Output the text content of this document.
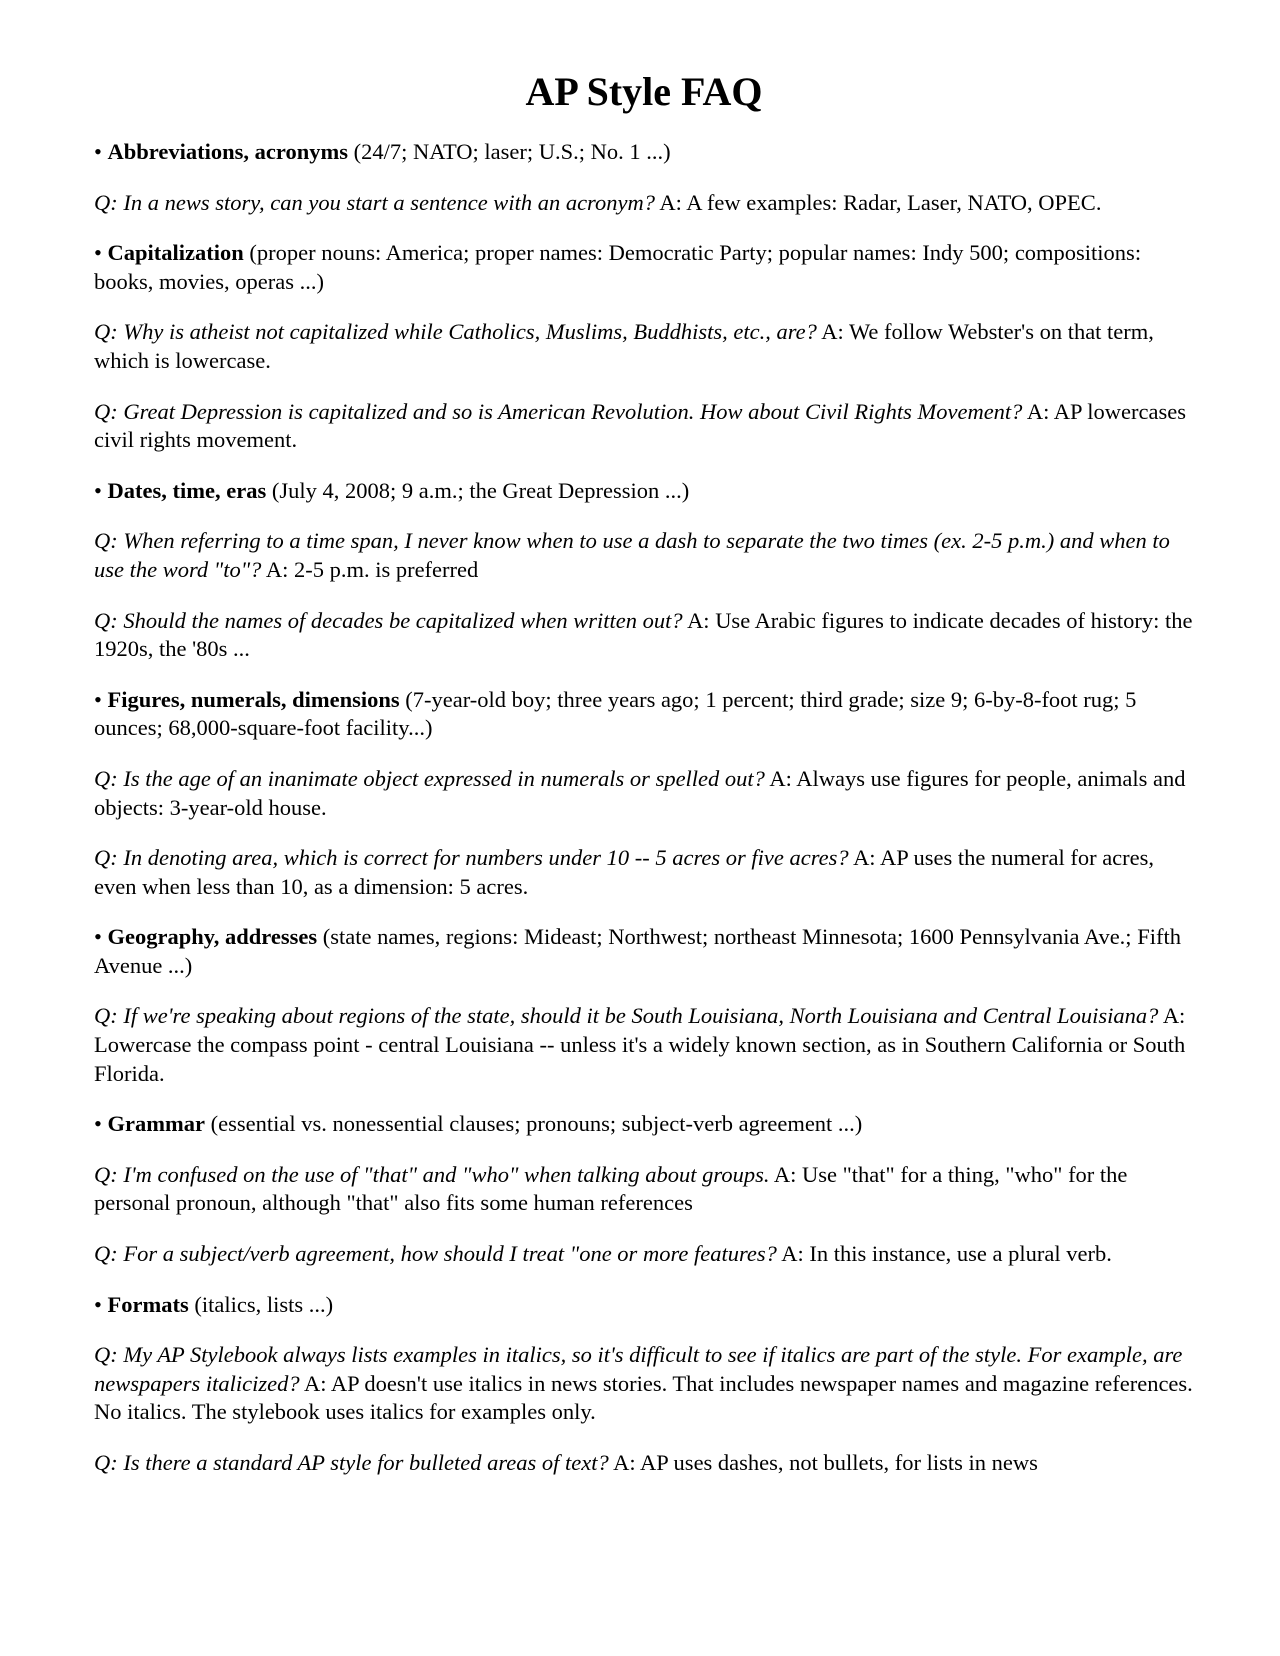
AP Style FAQ

• Abbreviations, acronyms (24/7; NATO; laser; U.S.; No. 1 ...)

Q: In a news story, can you start a sentence with an acronym? A: A few examples: Radar, Laser, NATO, OPEC.

• Capitalization (proper nouns: America; proper names: Democratic Party; popular names: Indy 500; compositions: books, movies, operas ...)

Q: Why is atheist not capitalized while Catholics, Muslims, Buddhists, etc., are? A: We follow Webster's on that term, which is lowercase.

Q: Great Depression is capitalized and so is American Revolution. How about Civil Rights Movement? A: AP lowercases civil rights movement.

• Dates, time, eras (July 4, 2008; 9 a.m.; the Great Depression ...)

Q: When referring to a time span, I never know when to use a dash to separate the two times (ex. 2-5 p.m.) and when to use the word "to"? A: 2-5 p.m. is preferred

Q: Should the names of decades be capitalized when written out? A: Use Arabic figures to indicate decades of history: the 1920s, the '80s ...

• Figures, numerals, dimensions (7-year-old boy; three years ago; 1 percent; third grade; size 9; 6-by-8-foot rug; 5 ounces; 68,000-square-foot facility...)

Q: Is the age of an inanimate object expressed in numerals or spelled out? A: Always use figures for people, animals and objects: 3-year-old house.

Q: In denoting area, which is correct for numbers under 10 -- 5 acres or five acres? A: AP uses the numeral for acres, even when less than 10, as a dimension: 5 acres.

• Geography, addresses (state names, regions: Mideast; Northwest; northeast Minnesota; 1600 Pennsylvania Ave.; Fifth Avenue ...)

Q: If we're speaking about regions of the state, should it be South Louisiana, North Louisiana and Central Louisiana? A: Lowercase the compass point - central Louisiana -- unless it's a widely known section, as in Southern California or South Florida.

• Grammar (essential vs. nonessential clauses; pronouns; subject-verb agreement ...)

Q: I'm confused on the use of "that" and "who" when talking about groups. A: Use "that" for a thing, "who" for the personal pronoun, although "that" also fits some human references

Q: For a subject/verb agreement, how should I treat "one or more features? A: In this instance, use a plural verb.

• Formats (italics, lists ...)

Q: My AP Stylebook always lists examples in italics, so it's difficult to see if italics are part of the style. For example, are newspapers italicized? A: AP doesn't use italics in news stories. That includes newspaper names and magazine references. No italics. The stylebook uses italics for examples only.

Q: Is there a standard AP style for bulleted areas of text? A: AP uses dashes, not bullets, for lists in news
